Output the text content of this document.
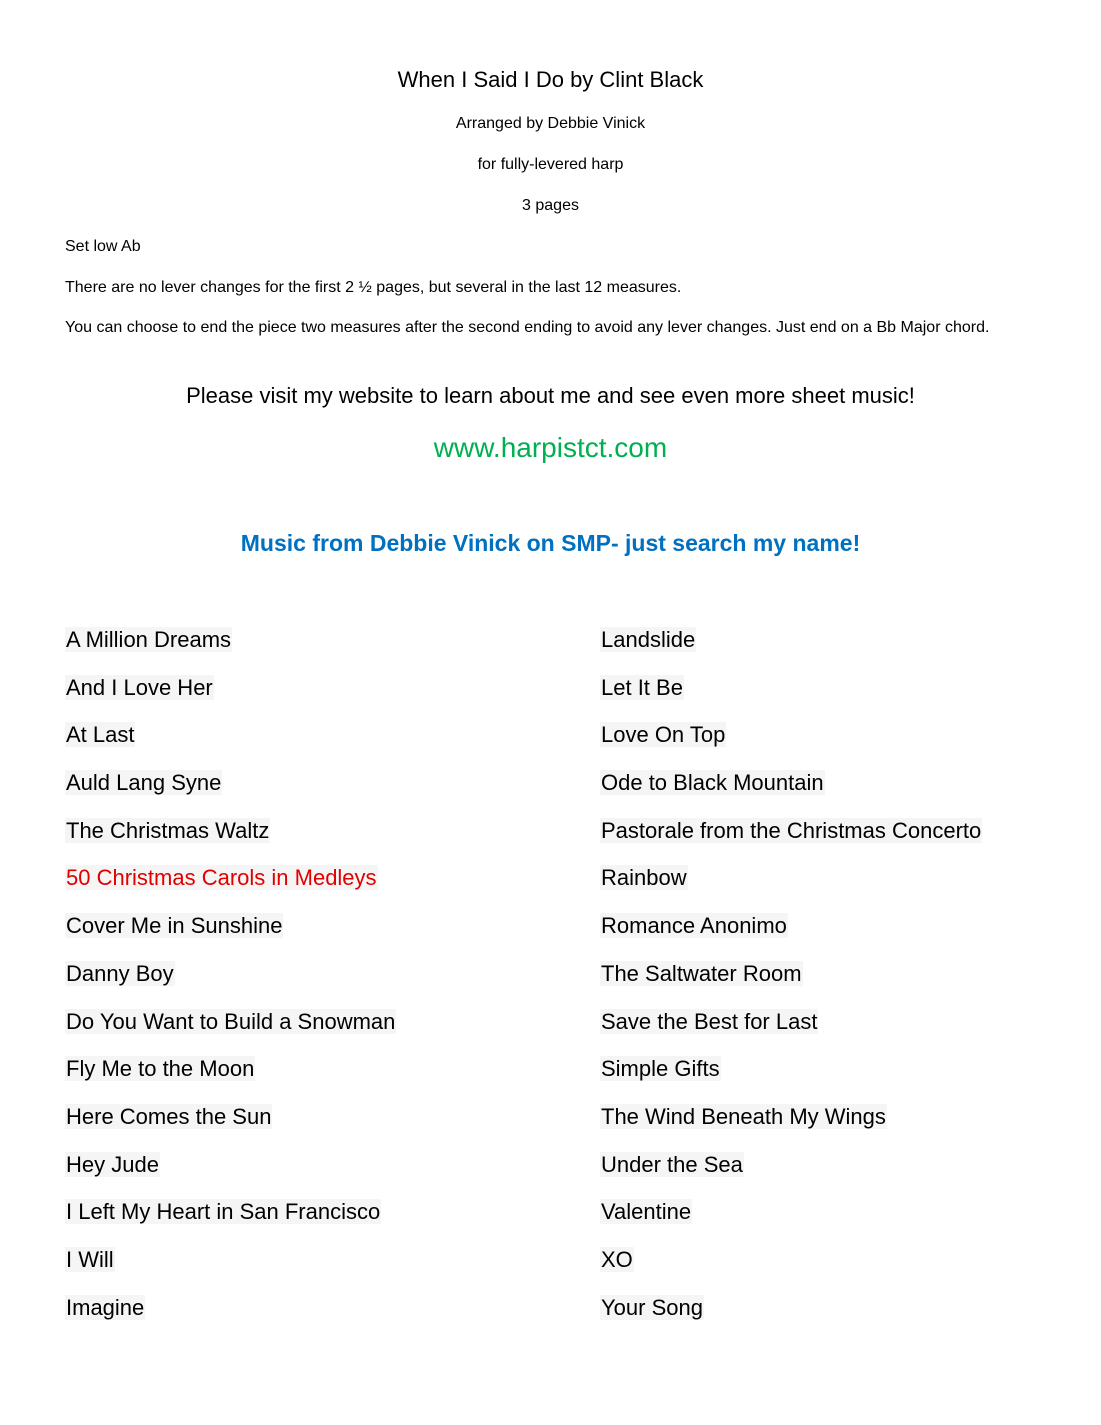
When I Said I Do by Clint Black
Arranged by Debbie Vinick
for fully-levered harp
3 pages
Set low Ab
There are no lever changes for the first 2 ½ pages, but several in the last 12 measures.
You can choose to end the piece two measures after the second ending to avoid any lever changes. Just end on a Bb Major chord.
Please visit my website to learn about me and see even more sheet music!
www.harpistct.com
Music from Debbie Vinick on SMP- just search my name!
A Million Dreams
And I Love Her
At Last
Auld Lang Syne
The Christmas Waltz
50 Christmas Carols in Medleys
Cover Me in Sunshine
Danny Boy
Do You Want to Build a Snowman
Fly Me to the Moon
Here Comes the Sun
Hey Jude
I Left My Heart in San Francisco
I Will
Imagine
Landslide
Let It Be
Love On Top
Ode to Black Mountain
Pastorale from the Christmas Concerto
Rainbow
Romance Anonimo
The Saltwater Room
Save the Best for Last
Simple Gifts
The Wind Beneath My Wings
Under the Sea
Valentine
XO
Your Song
